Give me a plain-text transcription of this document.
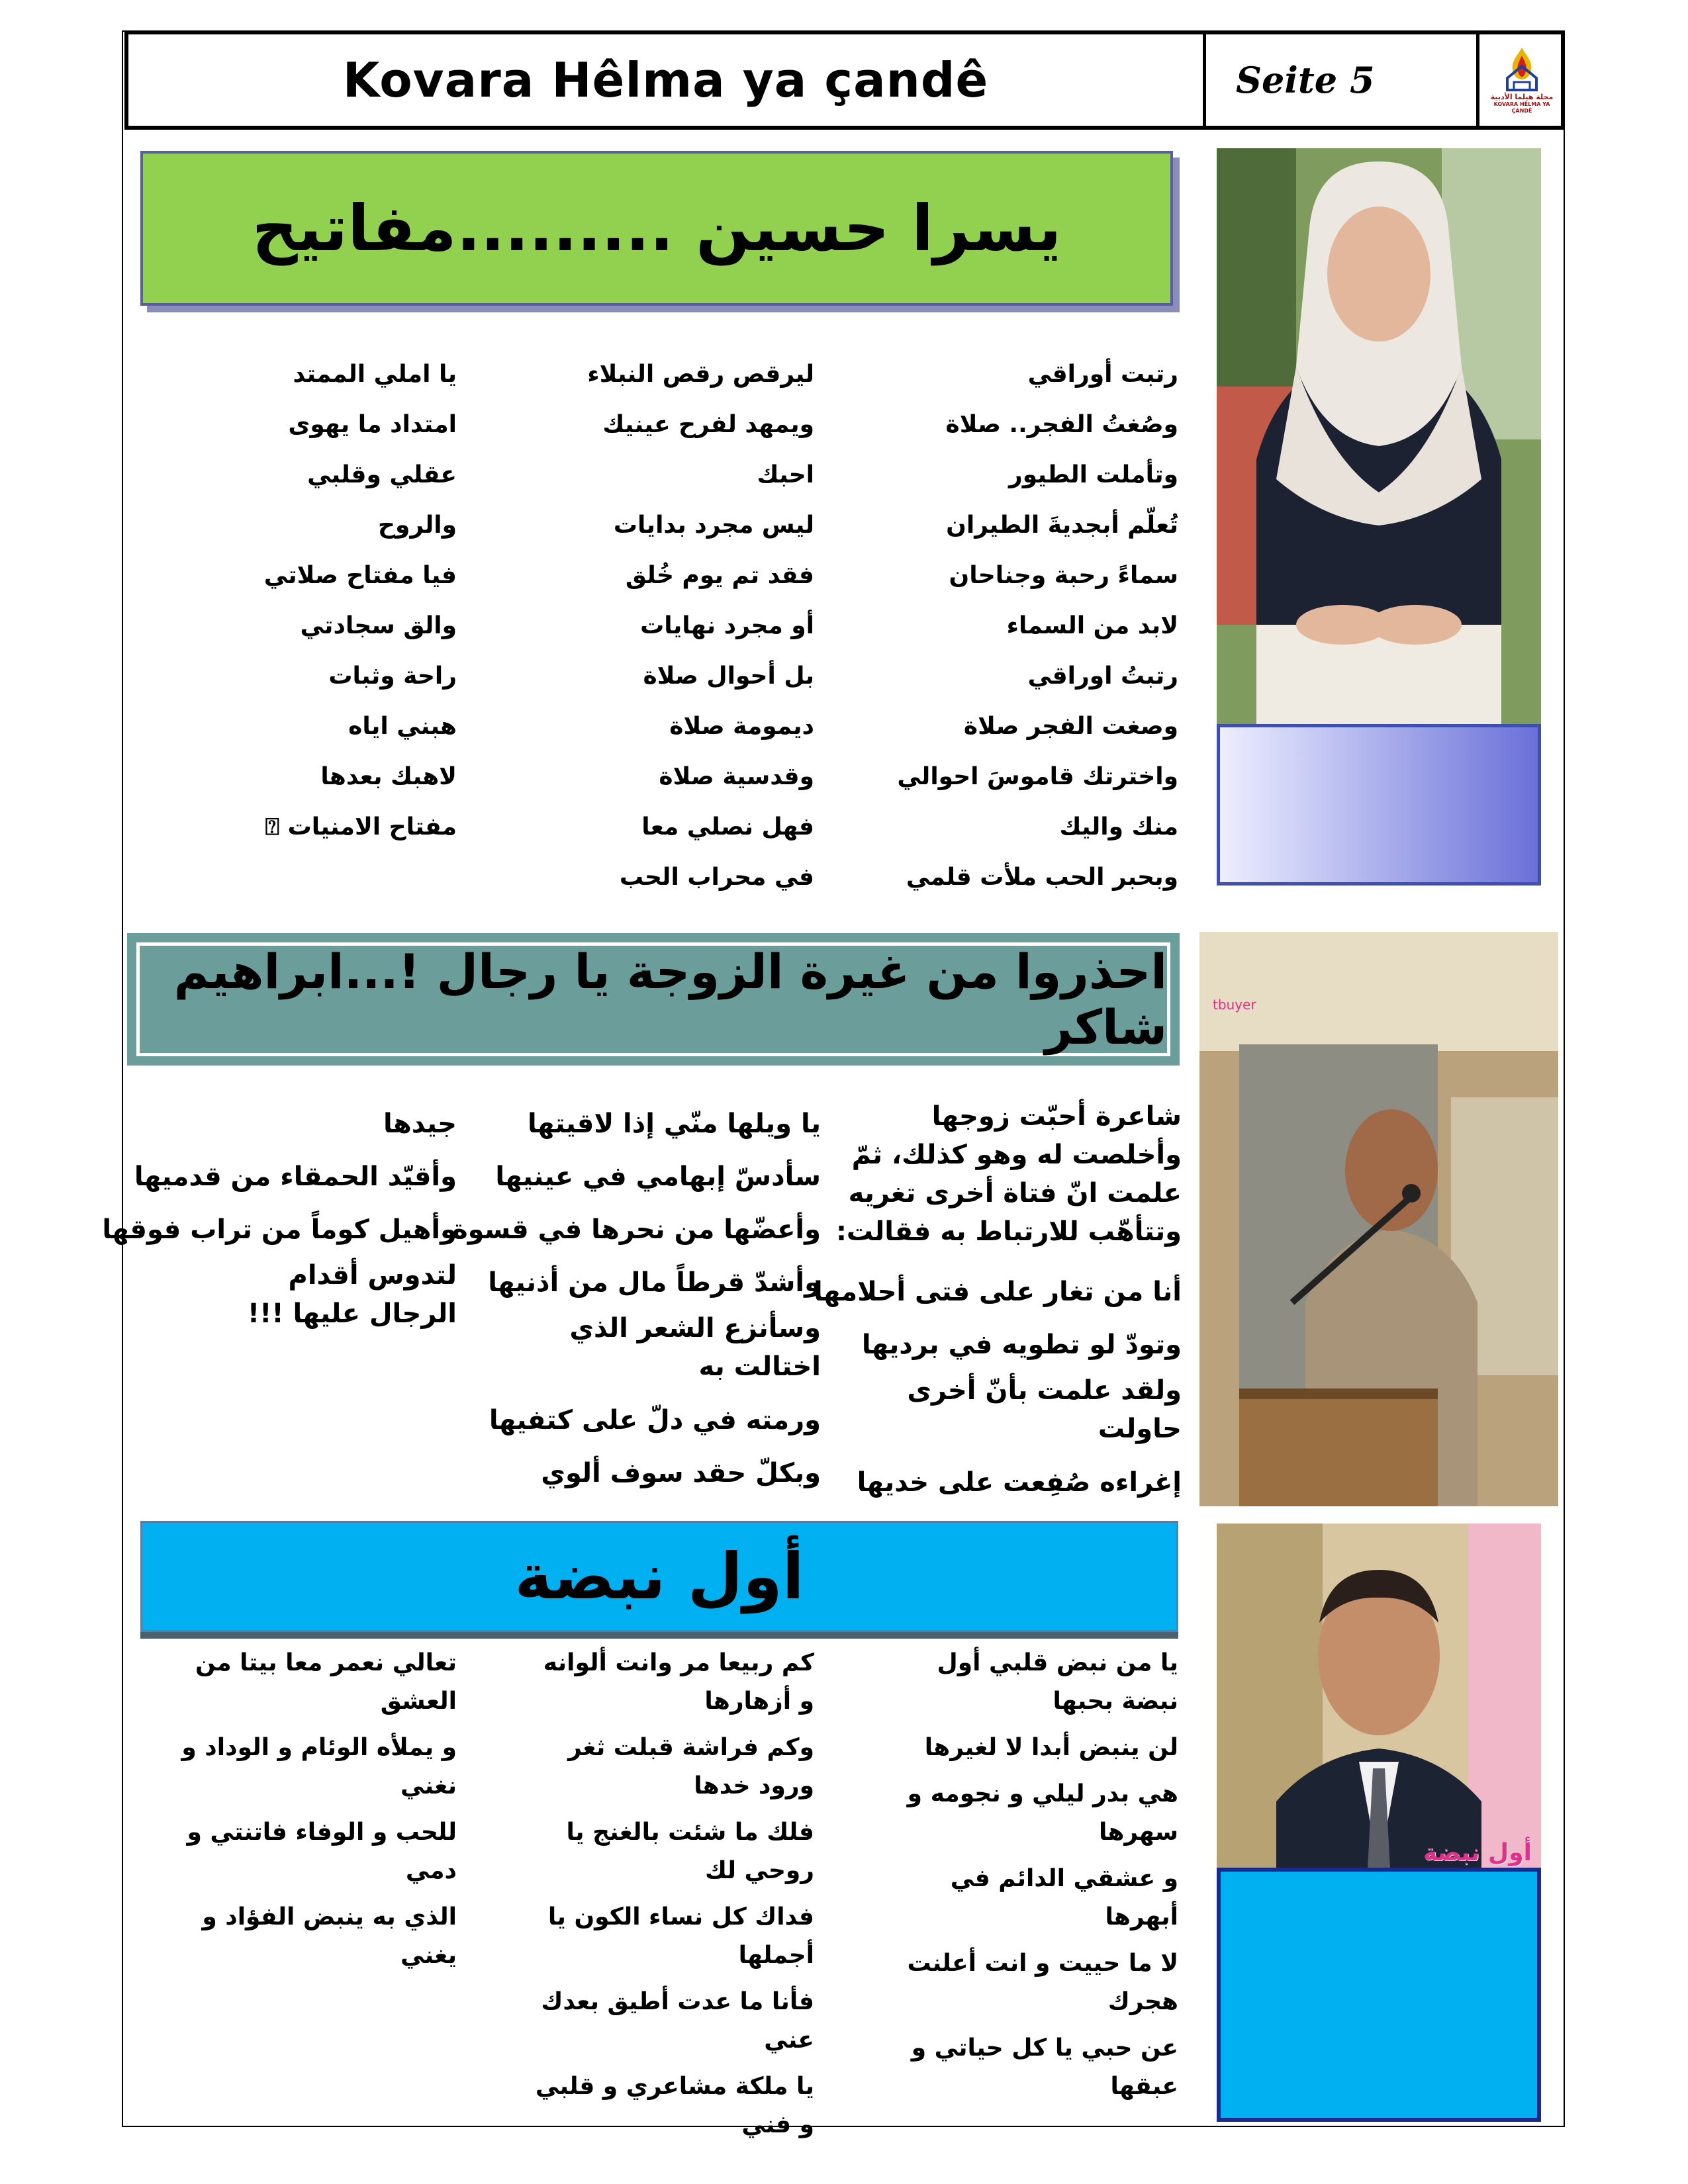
Kovara Hêlma ya çandê	Seite 5	مجلة هيلما الأدبية
KOVARA HÊLMA YA ÇANDÊ
يسرا حسين .........مفاتيح
رتبت أوراقي
وصُغتُ الفجر.. صلاة
وتأملت الطيور
تُعلّم أبجديةَ الطيران
سماءً رحبة وجناحان
لابد من السماء
رتبتُ اوراقي
وصغت الفجر صلاة
واخترتك قاموسَ احوالي
منك واليك
وبحبر الحب ملأت قلمي
ليرقص رقص النبلاء
ويمهد لفرح عينيك
احبك
ليس مجرد بدايات
فقد تم يوم خُلق
أو مجرد نهايات
بل أحوال صلاة
ديمومة صلاة
وقدسية صلاة
فهل نصلي معا
في محراب الحب
يا املي الممتد
امتداد ما يهوى
عقلي وقلبي
والروح
فيا مفتاح صلاتي
والق سجادتي
راحة وثبات
هبني اياه
لاهبك بعدها
مفتاح الامنيات ⍰
احذروا من غيرة الزوجة يا رجال !...ابراهيم شاكر
شاعرة أحبّت زوجها
وأخلصت له وهو كذلك، ثمّ
علمت انّ فتاة أخرى تغريه
وتتأهّب للارتباط به فقالت:
أنا من تغار على فتى أحلامها
وتودّ لو تطويه في برديها
ولقد علمت بأنّ أخرى حاولت
إغراءه صُفِعت على خديها
يا ويلها منّي إذا لاقيتها
سأدسّ إبهامي في عينيها
وأعضّها من نحرها في قسوة
وأشدّ قرطاً مال من أذنيها
وسأنزع الشعر الذي اختالت به
ورمته في دلّ على كتفيها
وبكلّ حقد سوف ألوي
جيدها
وأقيّد الحمقاء من قدميها
وأهيل كوماً من تراب فوقها
لتدوس أقدام الرجال عليها !!!
tbuyer
أول نبضة
يا من نبض قلبي أول نبضة بحبها
لن ينبض أبدا لا لغيرها
هي بدر ليلي و نجومه و سهرها
و عشقي الدائم في أبهرها
لا ما حييت و انت أعلنت هجرك
عن حبي يا كل حياتي و عبقها
كم ربيعا مر وانت ألوانه و أزهارها
وكم فراشة قبلت ثغر ورود خدها
فلك ما شئت بالغنج يا روحي لك
فداك كل نساء الكون يا أجملها
فأنا ما عدت أطيق بعدك عني
يا ملكة مشاعري و قلبي و فني
تعالي نعمر معا بيتا من العشق
و يملأه الوئام و الوداد و نغني
للحب و الوفاء فاتنتي و دمي
الذي به ينبض الفؤاد و يغني
أول نبضة
